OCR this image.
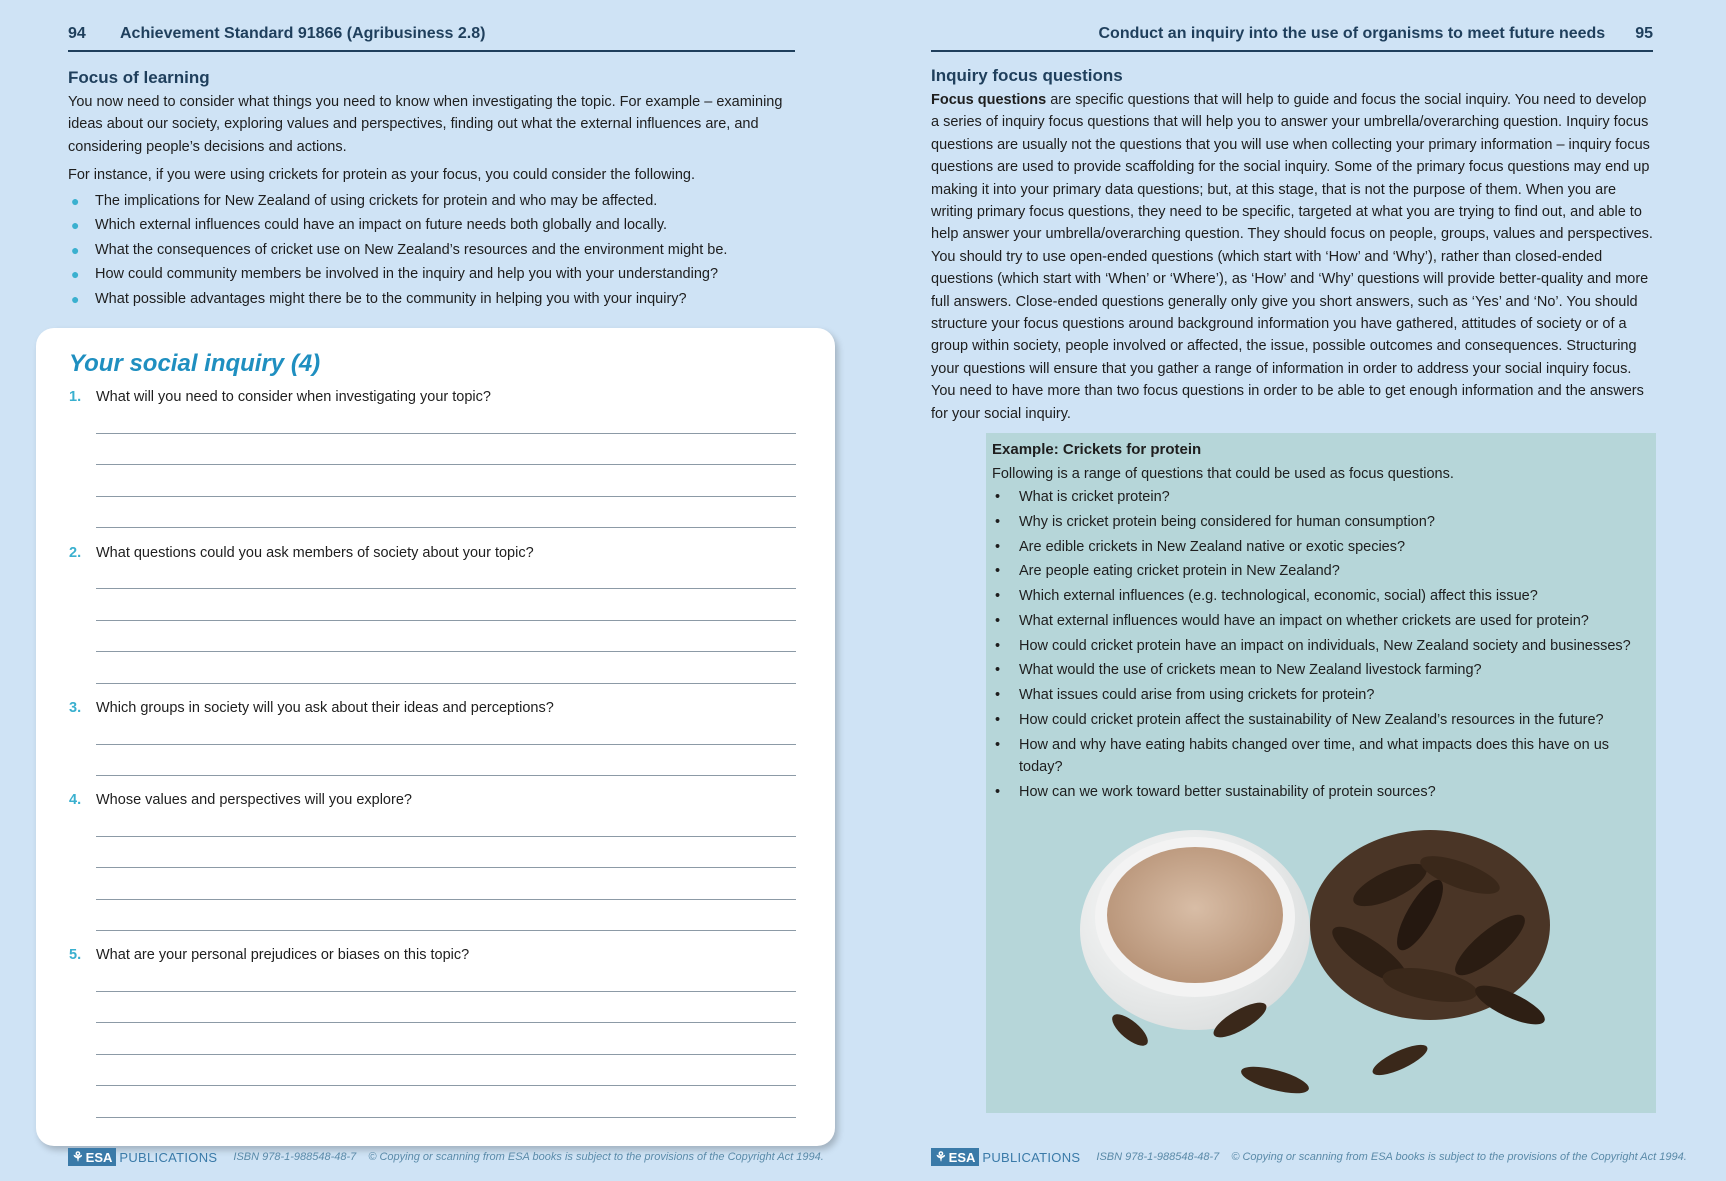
94	Achievement Standard 91866 (Agribusiness 2.8)
Focus of learning
You now need to consider what things you need to know when investigating the topic. For example – examining ideas about our society, exploring values and perspectives, finding out what the external influences are, and considering people’s decisions and actions.
For instance, if you were using crickets for protein as your focus, you could consider the following.
● The implications for New Zealand of using crickets for protein and who may be affected.
● Which external influences could have an impact on future needs both globally and locally.
● What the consequences of cricket use on New Zealand’s resources and the environment might be.
● How could community members be involved in the inquiry and help you with your understanding?
● What possible advantages might there be to the community in helping you with your inquiry?
Your social inquiry (4)
1.	What will you need to consider when investigating your topic?
2.	What questions could you ask members of society about your topic?
3.	Which groups in society will you ask about their ideas and perceptions?
4.	Whose values and perspectives will you explore?
5.	What are your personal prejudices or biases on this topic?
⚘ ESA PUBLICATIONS ISBN 978-1-988548-48-7 © Copying or scanning from ESA books is subject to the provisions of the Copyright Act 1994.
Conduct an inquiry into the use of organisms to meet future needs 95
Inquiry focus questions
Focus questions are specific questions that will help to guide and focus the social inquiry. You need to develop a series of inquiry focus questions that will help you to answer your umbrella/overarching question. Inquiry focus questions are usually not the questions that you will use when collecting your primary information – inquiry focus questions are used to provide scaffolding for the social inquiry. Some of the primary focus questions may end up making it into your primary data questions; but, at this stage, that is not the purpose of them. When you are writing primary focus questions, they need to be specific, targeted at what you are trying to find out, and able to help answer your umbrella/overarching question. They should focus on people, groups, values and perspectives. You should try to use open-ended questions (which start with ‘How’ and ‘Why’), rather than closed-ended questions (which start with ‘When’ or ‘Where’), as ‘How’ and ‘Why’ questions will provide better-quality and more full answers. Close-ended questions generally only give you short answers, such as ‘Yes’ and ‘No’. You should structure your focus questions around background information you have gathered, attitudes of society or of a group within society, people involved or affected, the issue, possible outcomes and consequences. Structuring your questions will ensure that you gather a range of information in order to address your social inquiry focus. You need to have more than two focus questions in order to be able to get enough information and the answers for your social inquiry.
Example: Crickets for protein
Following is a range of questions that could be used as focus questions.
• What is cricket protein?
• Why is cricket protein being considered for human consumption?
• Are edible crickets in New Zealand native or exotic species?
• Are people eating cricket protein in New Zealand?
• Which external influences (e.g. technological, economic, social) affect this issue?
• What external influences would have an impact on whether crickets are used for protein?
• How could cricket protein have an impact on individuals, New Zealand society and businesses?
• What would the use of crickets mean to New Zealand livestock farming?
• What issues could arise from using crickets for protein?
• How could cricket protein affect the sustainability of New Zealand’s resources in the future?
• How and why have eating habits changed over time, and what impacts does this have on us today?
• How can we work toward better sustainability of protein sources?
⚘ ESA PUBLICATIONS ISBN 978-1-988548-48-7 © Copying or scanning from ESA books is subject to the provisions of the Copyright Act 1994.
